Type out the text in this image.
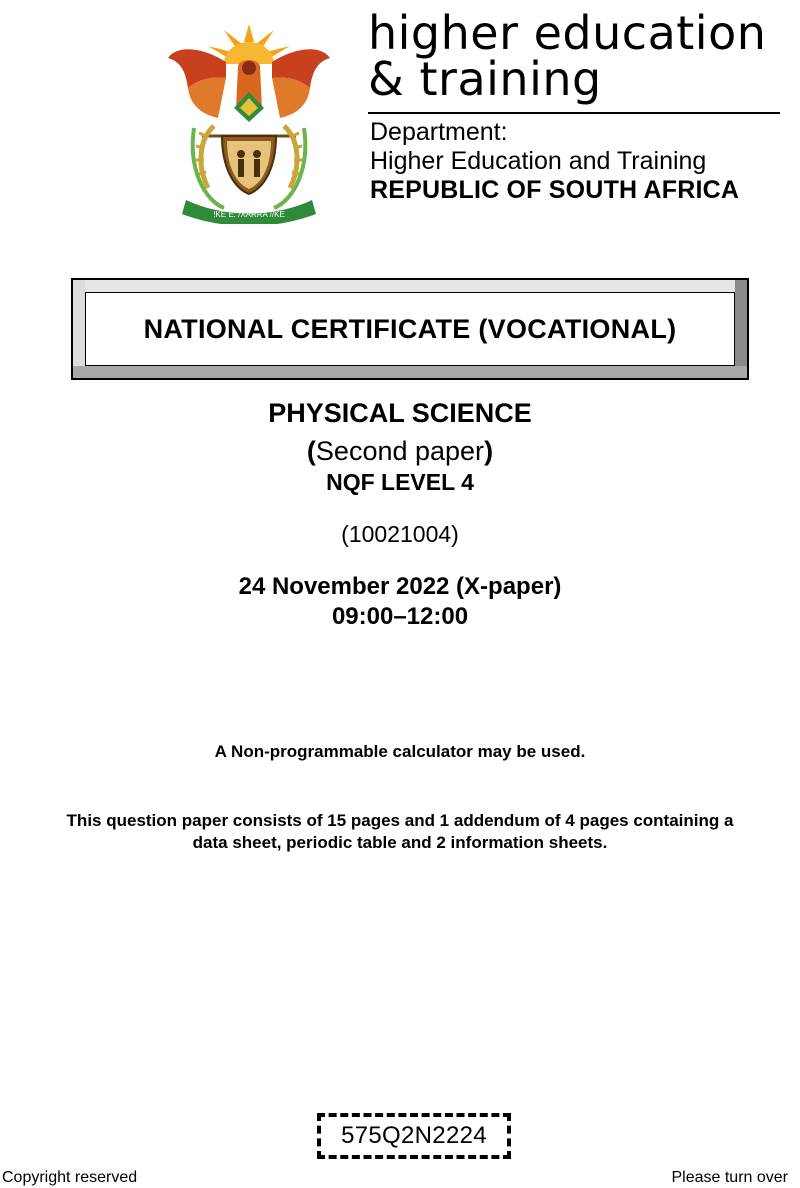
!KE E: /XARRA //KE
higher education
& training
Department:
Higher Education and Training
REPUBLIC OF SOUTH AFRICA
NATIONAL CERTIFICATE (VOCATIONAL)
PHYSICAL SCIENCE
(Second paper)
NQF LEVEL 4
(10021004)
24 November 2022 (X-paper)
09:00–12:00
A Non-programmable calculator may be used.
This question paper consists of 15 pages and 1 addendum of 4 pages containing a
data sheet, periodic table and 2 information sheets.
575Q2N2224
Copyright reserved	Please turn over
